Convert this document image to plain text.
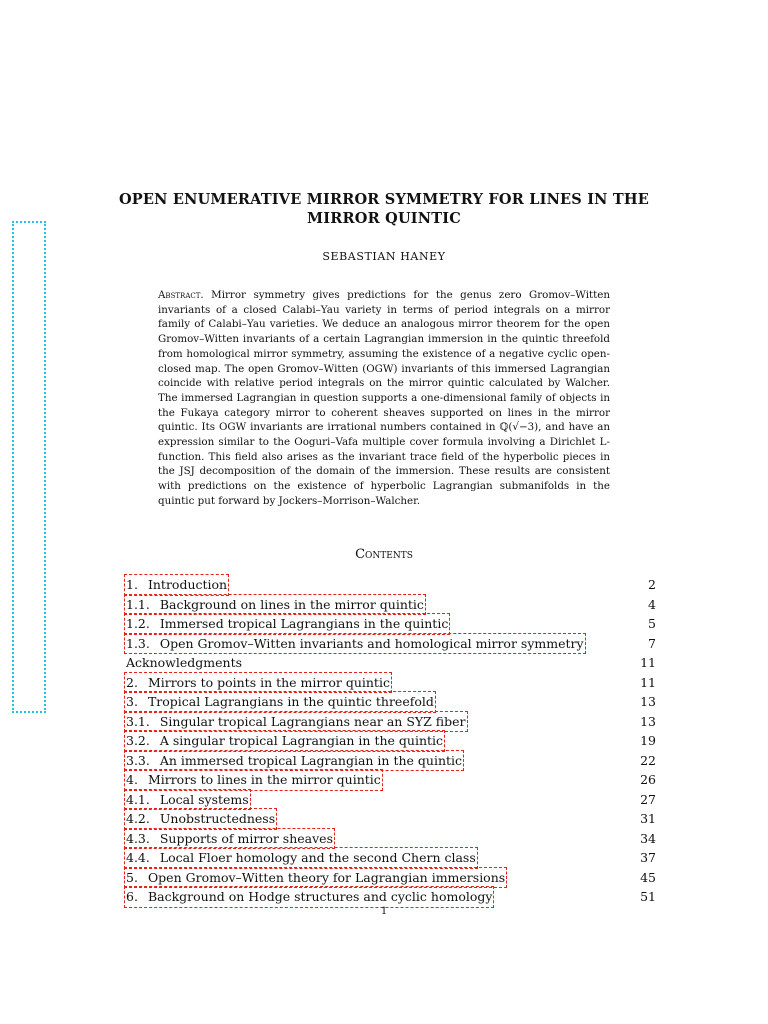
OPEN ENUMERATIVE MIRROR SYMMETRY FOR LINES IN THE MIRROR QUINTIC
SEBASTIAN HANEY

Abstract. Mirror symmetry gives predictions for the genus zero Gromov–Witten invariants of a closed Calabi–Yau variety in terms of period integrals on a mirror family of Calabi–Yau varieties. We deduce an analogous mirror theorem for the open Gromov–Witten invariants of a certain Lagrangian immersion in the quintic threefold from homological mirror symmetry, assuming the existence of a negative cyclic open-closed map. The open Gromov–Witten (OGW) invariants of this immersed Lagrangian coincide with relative period integrals on the mirror quintic calculated by Walcher. The immersed Lagrangian in question supports a one-dimensional family of objects in the Fukaya category mirror to coherent sheaves supported on lines in the mirror quintic. Its OGW invariants are irrational numbers contained in ℚ(√−3), and have an expression similar to the Ooguri–Vafa multiple cover formula involving a Dirichlet L-function. This field also arises as the invariant trace field of the hyperbolic pieces in the JSJ decomposition of the domain of the immersion. These results are consistent with predictions on the existence of hyperbolic Lagrangian submanifolds in the quintic put forward by Jockers–Morrison–Walcher.

Contents
1. Introduction	2
1.1. Background on lines in the mirror quintic	4
1.2. Immersed tropical Lagrangians in the quintic	5
1.3. Open Gromov–Witten invariants and homological mirror symmetry	7
Acknowledgments	11
2. Mirrors to points in the mirror quintic	11
3. Tropical Lagrangians in the quintic threefold	13
3.1. Singular tropical Lagrangians near an SYZ fiber	13
3.2. A singular tropical Lagrangian in the quintic	19
3.3. An immersed tropical Lagrangian in the quintic	22
4. Mirrors to lines in the mirror quintic	26
4.1. Local systems	27
4.2. Unobstructedness	31
4.3. Supports of mirror sheaves	34
4.4. Local Floer homology and the second Chern class	37
5. Open Gromov–Witten theory for Lagrangian immersions	45
6. Background on Hodge structures and cyclic homology	51
1
